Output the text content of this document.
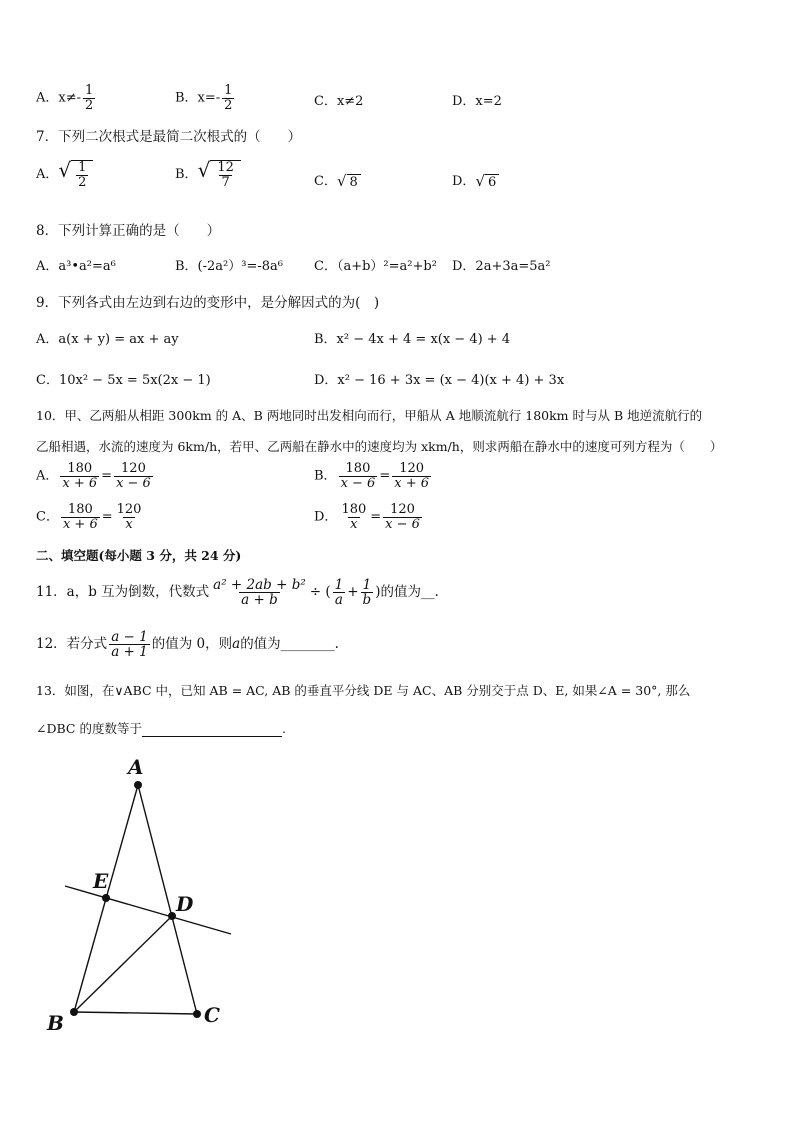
A．$x\ne- \frac{1}{2}$	B．$x=- \frac{1}{2}$	C．x≠2	D．x=2
7．下列二次根式是最简二次根式的（　　）
A． √ $\frac{1}{2}$	B． √ $\frac{12}{7}$	C． √ 8	D． √ 6
8．下列计算正确的是（　　）
A．a³•a²=a⁶	B．(-2a²）³=-8a⁶ C．（a+b）²=a²+b² D．2a+3a=5a²
9．下列各式由左边到右边的变形中，是分解因式的为(　)
A．a(x + y) = ax + ay	B．x² − 4x + 4 = x(x − 4) + 4
C．10x² − 5x = 5x(2x − 1)	D．x² − 16 + 3x = (x − 4)(x + 4) + 3x
10．甲、乙两船从相距 300km 的 A、B 两地同时出发相向而行，甲船从 A 地顺流航行 180km 时与从 B 地逆流航行的
乙船相遇，水流的速度为 6km/h，若甲、乙两船在静水中的速度均为 xkm/h，则求两船在静水中的速度可列方程为（　　）
A． $\frac{180}{x + 6} = \frac{120}{x - 6}$	B． $\frac{180}{x - 6} = \frac{120}{x + 6}$
C． $\frac{180}{x + 6} = \frac{120}{x}$	D． $\frac{180}{x} = \frac{120}{x - 6}$
二、填空题(每小题 3 分，共 24 分)
11．a，b 互为倒数，代数式 $\frac{\text{a² + 2ab + b²}}{a + b}$ ÷ ( $\frac{1}{a} + \frac{1}{b}$ )的值为__.
12．若分式 $\frac{a - 1}{a + 1}$ 的值为 0，则a的值为________.
13．如图，在∨ABC 中，已知 AB = AC, AB 的垂直平分线 DE 与 AC、AB 分别交于点 D、E, 如果∠A = 30°, 那么
∠DBC 的度数等于	.
A
E
D
B	C
